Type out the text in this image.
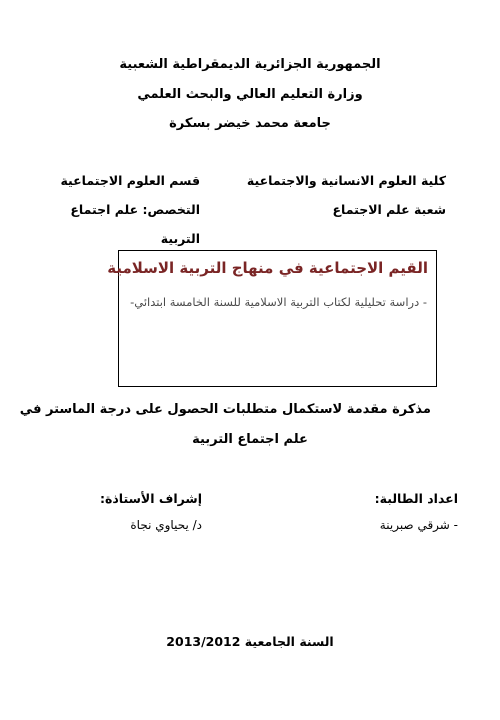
الجمهورية الجزائرية الديمقراطية الشعبية
وزارة التعليم العالي والبحث العلمي
جامعة محمد خيضر بسكرة
كلية العلوم الانسانية والاجتماعية
شعبة علم الاجتماع
قسم العلوم الاجتماعية
التخصص: علم اجتماع
التربية
القيم الاجتماعية في منهاج التربية الاسلامية
- دراسة تحليلية لكتاب التربية الاسلامية للسنة الخامسة ابتدائي-
مذكرة مقدمة لاستكمال متطلبات الحصول على درجة الماستر في
علم اجتماع التربية
اعداد الطالبة:
- شرقي صبرينة
إشراف الأستاذة:
د/ يحياوي نجاة
السنة الجامعية 2013/2012
